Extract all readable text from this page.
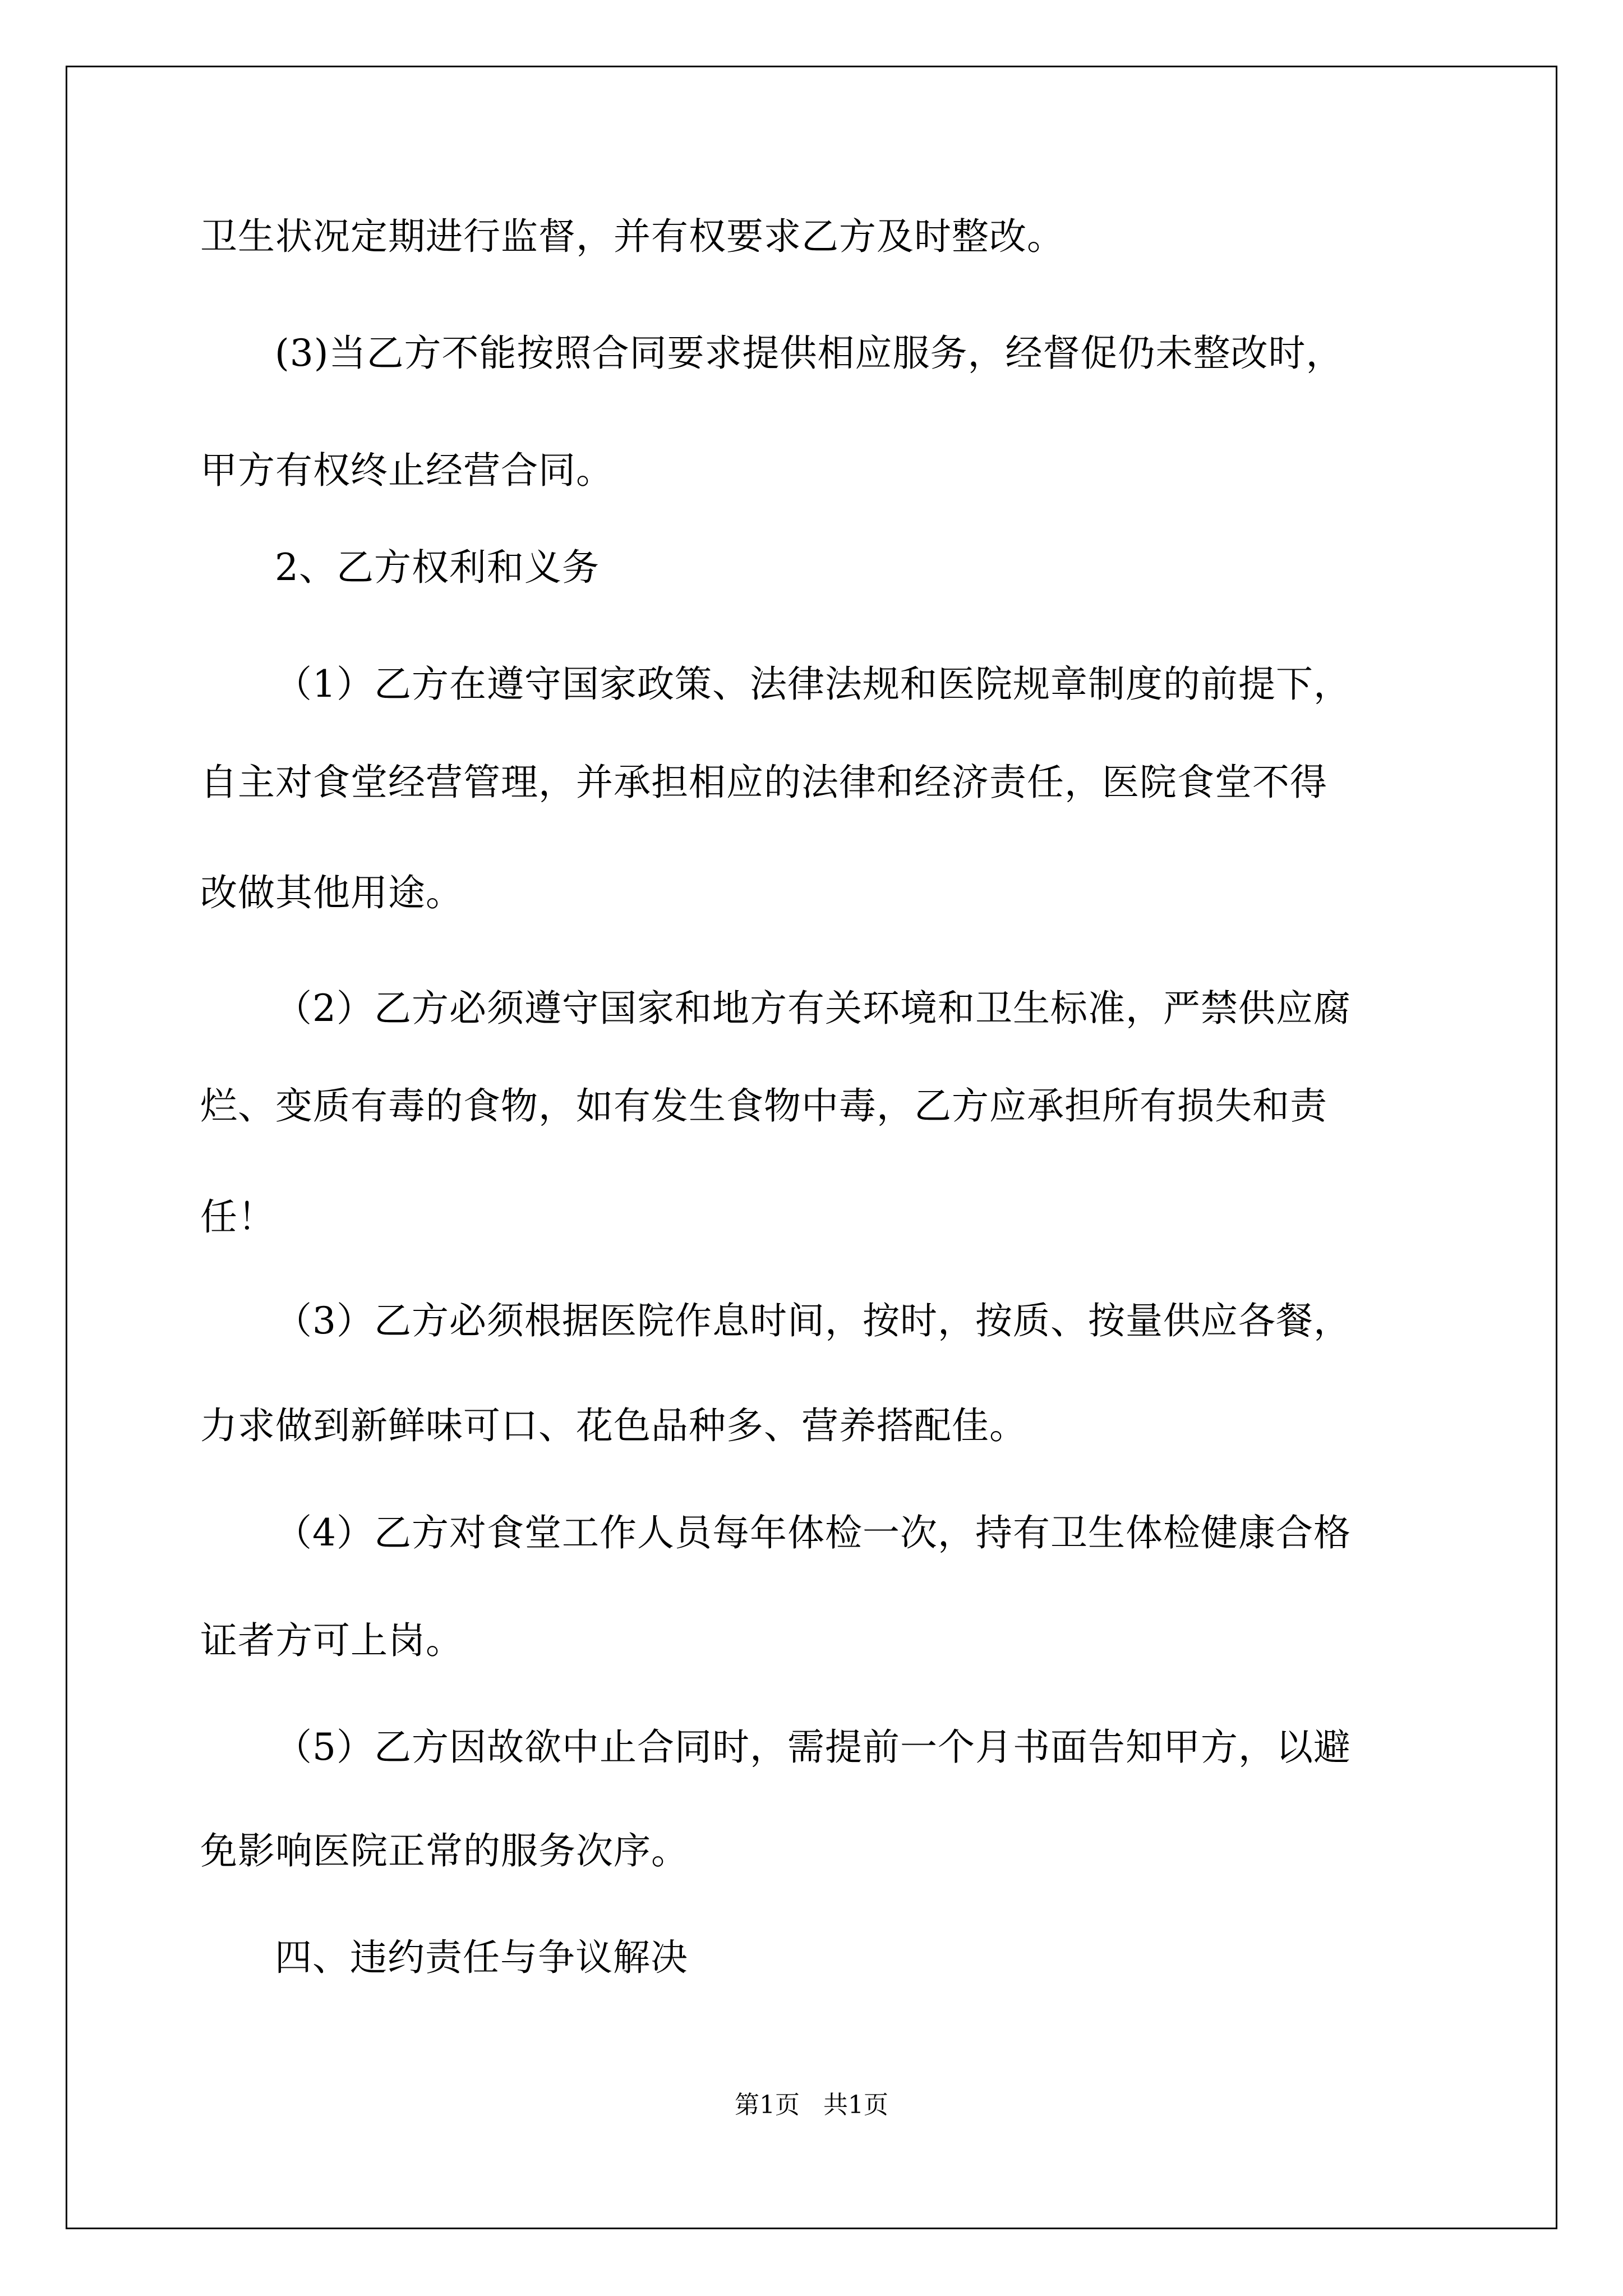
卫生状况定期进行监督，并有权要求乙方及时整改。
(3)当乙方不能按照合同要求提供相应服务，经督促仍未整改时，
甲方有权终止经营合同。
2、乙方权利和义务
（1）乙方在遵守国家政策、法律法规和医院规章制度的前提下，
自主对食堂经营管理，并承担相应的法律和经济责任，医院食堂不得
改做其他用途。
（2）乙方必须遵守国家和地方有关环境和卫生标准，严禁供应腐
烂、变质有毒的食物，如有发生食物中毒，乙方应承担所有损失和责
任！
（3）乙方必须根据医院作息时间，按时，按质、按量供应各餐，
力求做到新鲜味可口、花色品种多、营养搭配佳。
（4）乙方对食堂工作人员每年体检一次，持有卫生体检健康合格
证者方可上岗。
（5）乙方因故欲中止合同时，需提前一个月书面告知甲方，以避
免影响医院正常的服务次序。
四、违约责任与争议解决
第1页   共1页
